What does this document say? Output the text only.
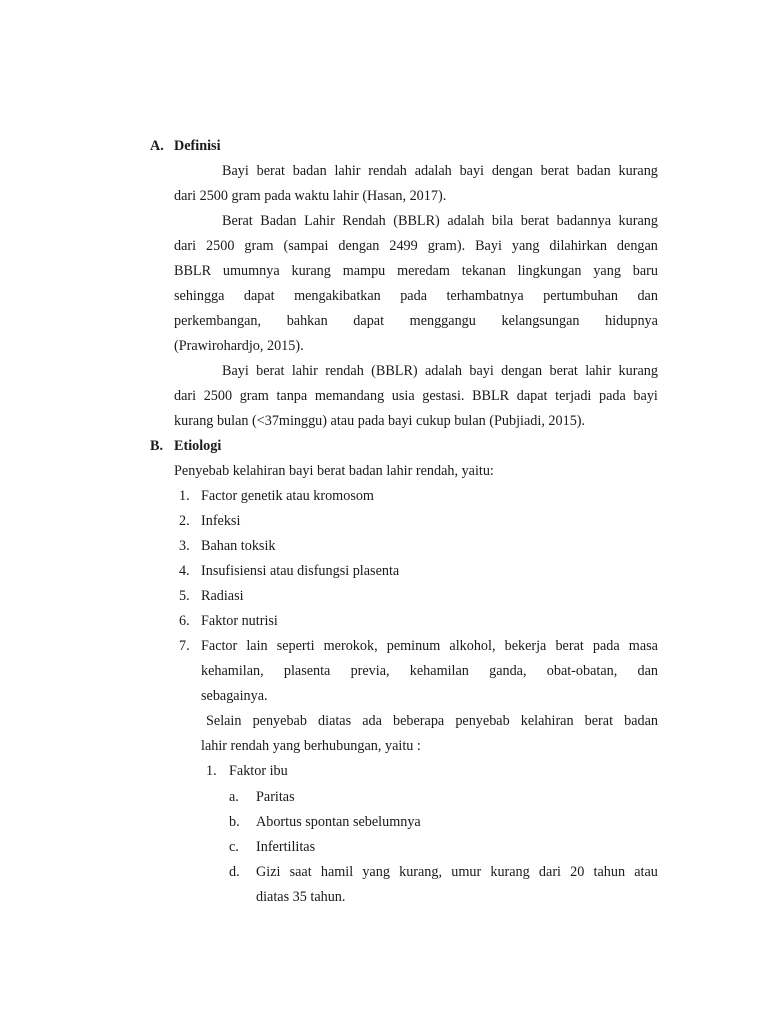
A. Definisi
Bayi berat badan lahir rendah adalah bayi dengan berat badan kurang
dari 2500 gram pada waktu lahir (Hasan, 2017).
Berat Badan Lahir Rendah (BBLR) adalah bila berat badannya kurang
dari 2500 gram (sampai dengan 2499 gram). Bayi yang dilahirkan dengan
BBLR umumnya kurang mampu meredam tekanan lingkungan yang baru
sehingga dapat mengakibatkan pada terhambatnya pertumbuhan dan
perkembangan, bahkan dapat menggangu kelangsungan hidupnya
(Prawirohardjo, 2015).
Bayi berat lahir rendah (BBLR) adalah bayi dengan berat lahir kurang
dari 2500 gram tanpa memandang usia gestasi. BBLR dapat terjadi pada bayi
kurang bulan (<37minggu) atau pada bayi cukup bulan (Pubjiadi, 2015).
B. Etiologi
Penyebab kelahiran bayi berat badan lahir rendah, yaitu:
1. Factor genetik atau kromosom
2. Infeksi
3. Bahan toksik
4. Insufisiensi atau disfungsi plasenta
5. Radiasi
6. Faktor nutrisi
7. Factor lain seperti merokok, peminum alkohol, bekerja berat pada masa
kehamilan, plasenta previa, kehamilan ganda, obat-obatan, dan
sebagainya.
Selain penyebab diatas ada beberapa penyebab kelahiran berat badan
lahir rendah yang berhubungan, yaitu :
1. Faktor ibu
a. Paritas
b. Abortus spontan sebelumnya
c. Infertilitas
d. Gizi saat hamil yang kurang, umur kurang dari 20 tahun atau
diatas 35 tahun.
